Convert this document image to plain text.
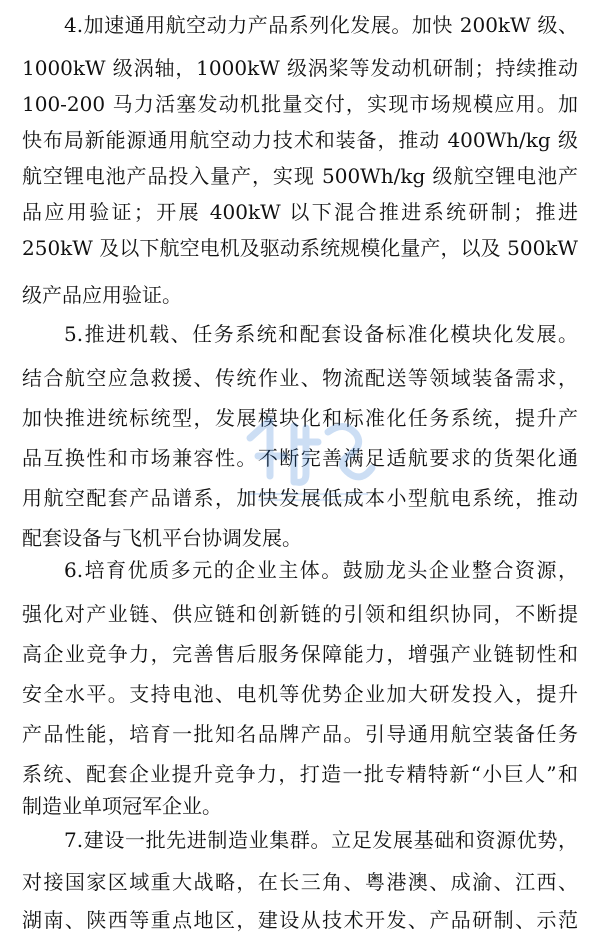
4.加速通用航空动力产品系列化发展。加快 200kW 级、
1000kW 级涡轴，1000kW 级涡桨等发动机研制；持续推动
100-200 马力活塞发动机批量交付，实现市场规模应用。加
快布局新能源通用航空动力技术和装备，推动 400Wh/kg 级
航空锂电池产品投入量产，实现 500Wh/kg 级航空锂电池产
品应用验证；开展 400kW 以下混合推进系统研制；推进
250kW 及以下航空电机及驱动系统规模化量产，以及 500kW
级产品应用验证。
5.推进机载、任务系统和配套设备标准化模块化发展。
结合航空应急救援、传统作业、物流配送等领域装备需求，
加快推进统标统型，发展模块化和标准化任务系统，提升产
品互换性和市场兼容性。不断完善满足适航要求的货架化通
用航空配套产品谱系，加快发展低成本小型航电系统，推动
配套设备与飞机平台协调发展。
6.培育优质多元的企业主体。鼓励龙头企业整合资源，
强化对产业链、供应链和创新链的引领和组织协同，不断提
高企业竞争力，完善售后服务保障能力，增强产业链韧性和
安全水平。支持电池、电机等优势企业加大研发投入，提升
产品性能，培育一批知名品牌产品。引导通用航空装备任务
系统、配套企业提升竞争力，打造一批专精特新“小巨人”和
制造业单项冠军企业。
7.建设一批先进制造业集群。立足发展基础和资源优势，
对接国家区域重大战略，在长三角、粤港澳、成渝、江西、
湖南、陕西等重点地区，建设从技术开发、产品研制、示范
